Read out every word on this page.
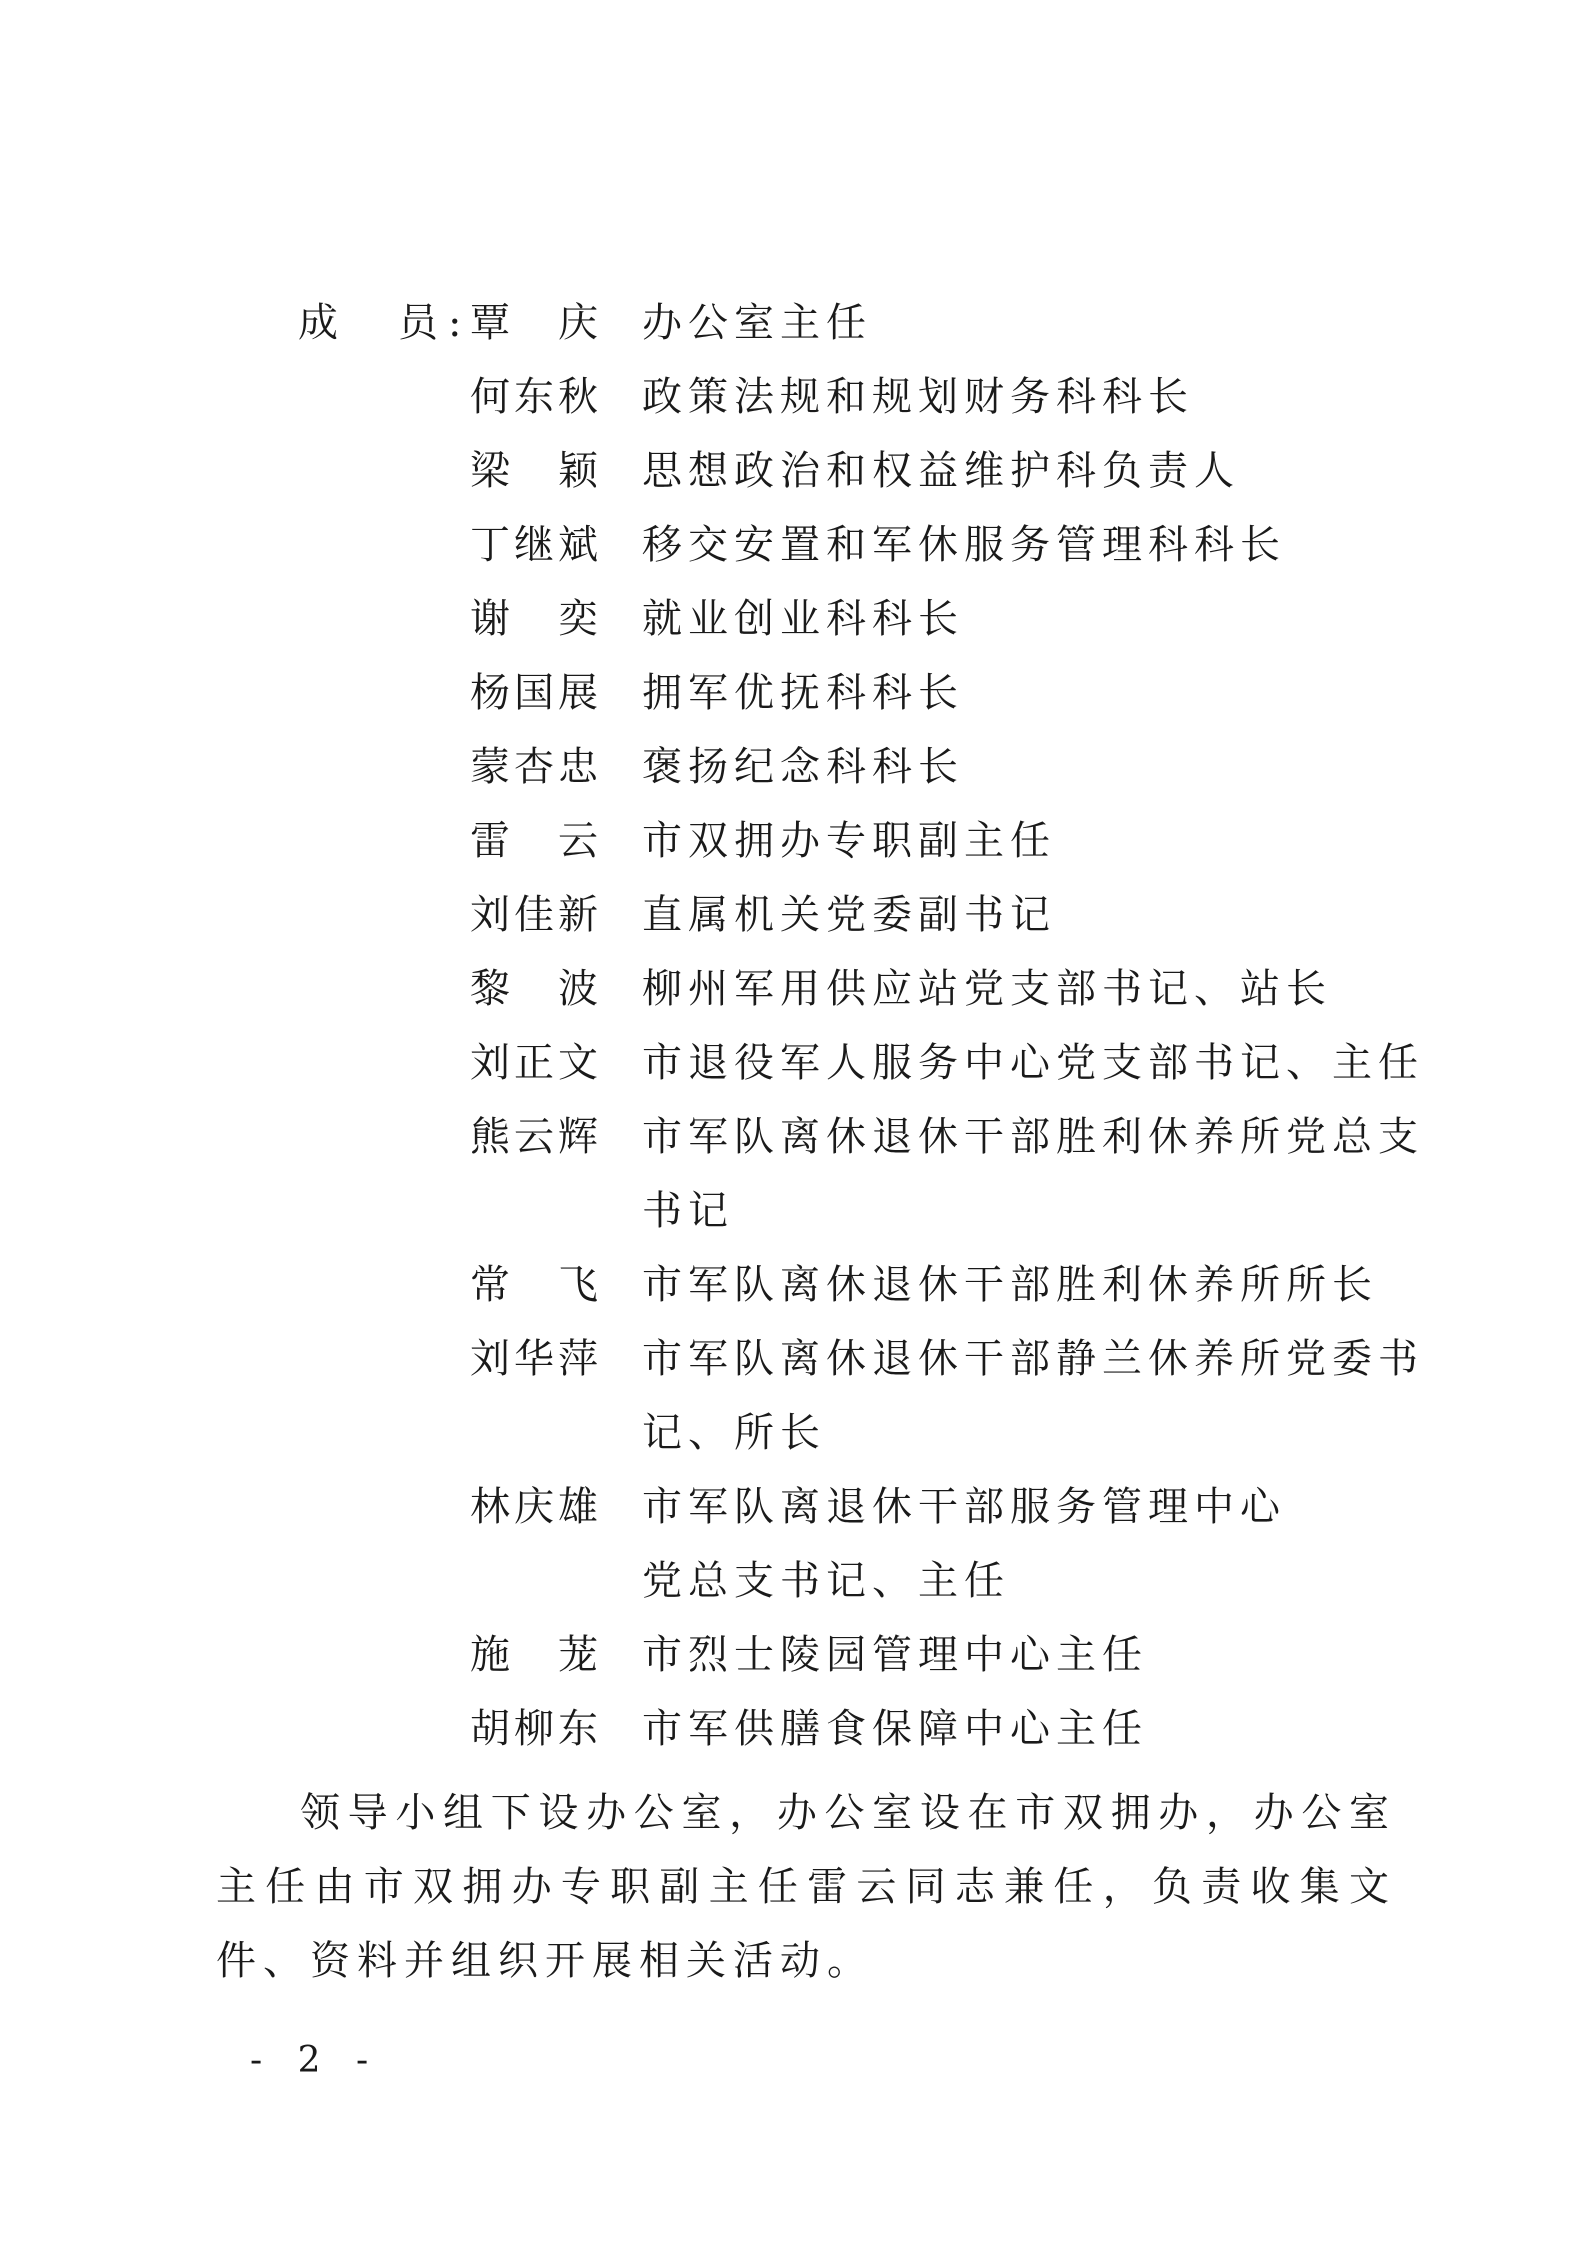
成　员:
覃　庆	办公室主任
何东秋	政策法规和规划财务科科长
梁　颖	思想政治和权益维护科负责人
丁继斌	移交安置和军休服务管理科科长
谢　奕	就业创业科科长
杨国展	拥军优抚科科长
蒙杏忠	褒扬纪念科科长
雷　云	市双拥办专职副主任
刘佳新	直属机关党委副书记
黎　波	柳州军用供应站党支部书记、站长
刘正文	市退役军人服务中心党支部书记、主任
熊云辉	市军队离休退休干部胜利休养所党总支
书记
常　飞	市军队离休退休干部胜利休养所所长
刘华萍	市军队离休退休干部静兰休养所党委书
记、所长
林庆雄	市军队离退休干部服务管理中心
党总支书记、主任
施　茏	市烈士陵园管理中心主任
胡柳东	市军供膳食保障中心主任
领导小组下设办公室，办公室设在市双拥办，办公室主任由市双拥办专职副主任雷云同志兼任，负责收集文件、资料并组织开展相关活动。
- 2 -
